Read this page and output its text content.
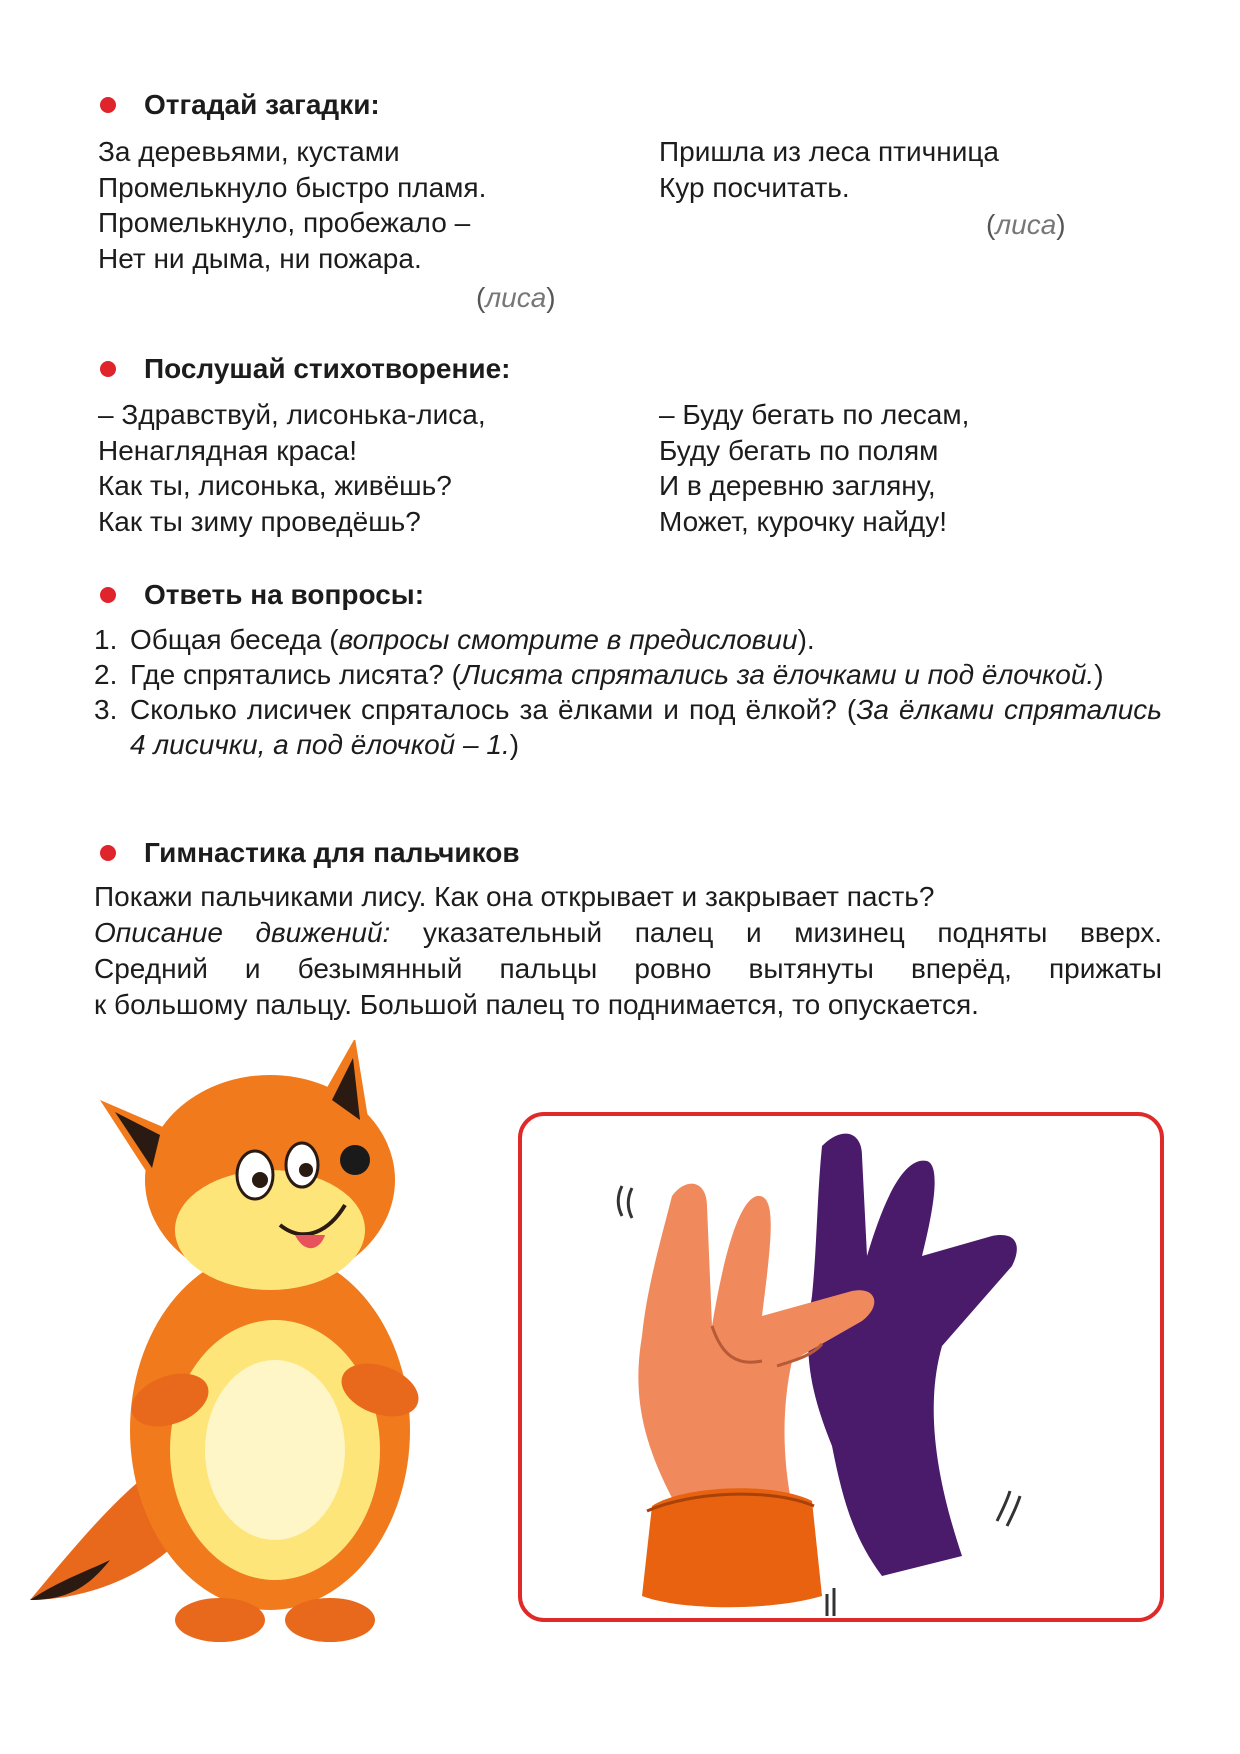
Отгадай загадки:
За деревьями, кустами
Промелькнуло быстро пламя.
Промелькнуло, пробежало –
Нет ни дыма, ни пожара.
(лиса)
Пришла из леса птичница
Кур посчитать.
(лиса)
Послушай стихотворение:
– Здравствуй, лисонька-лиса,
Ненаглядная краса!
Как ты, лисонька, живёшь?
Как ты зиму проведёшь?
– Буду бегать по лесам,
Буду бегать по полям
И в деревню загляну,
Может, курочку найду!
Ответь на вопросы:
1. Общая беседа (вопросы смотрите в предисловии).
2. Где спрятались лисята? (Лисята спрятались за ёлочками и под ёлочкой.)
3. Сколько лисичек спряталось за ёлками и под ёлкой? (За ёлками спрятались 4 лисички, а под ёлочкой – 1.)
Гимнастика для пальчиков
Покажи пальчиками лису. Как она открывает и закрывает пасть?
Описание движений: указательный палец и мизинец подняты вверх.
Средний и безымянный пальцы ровно вытянуты вперёд, прижаты
к большому пальцу. Большой палец то поднимается, то опускается.
